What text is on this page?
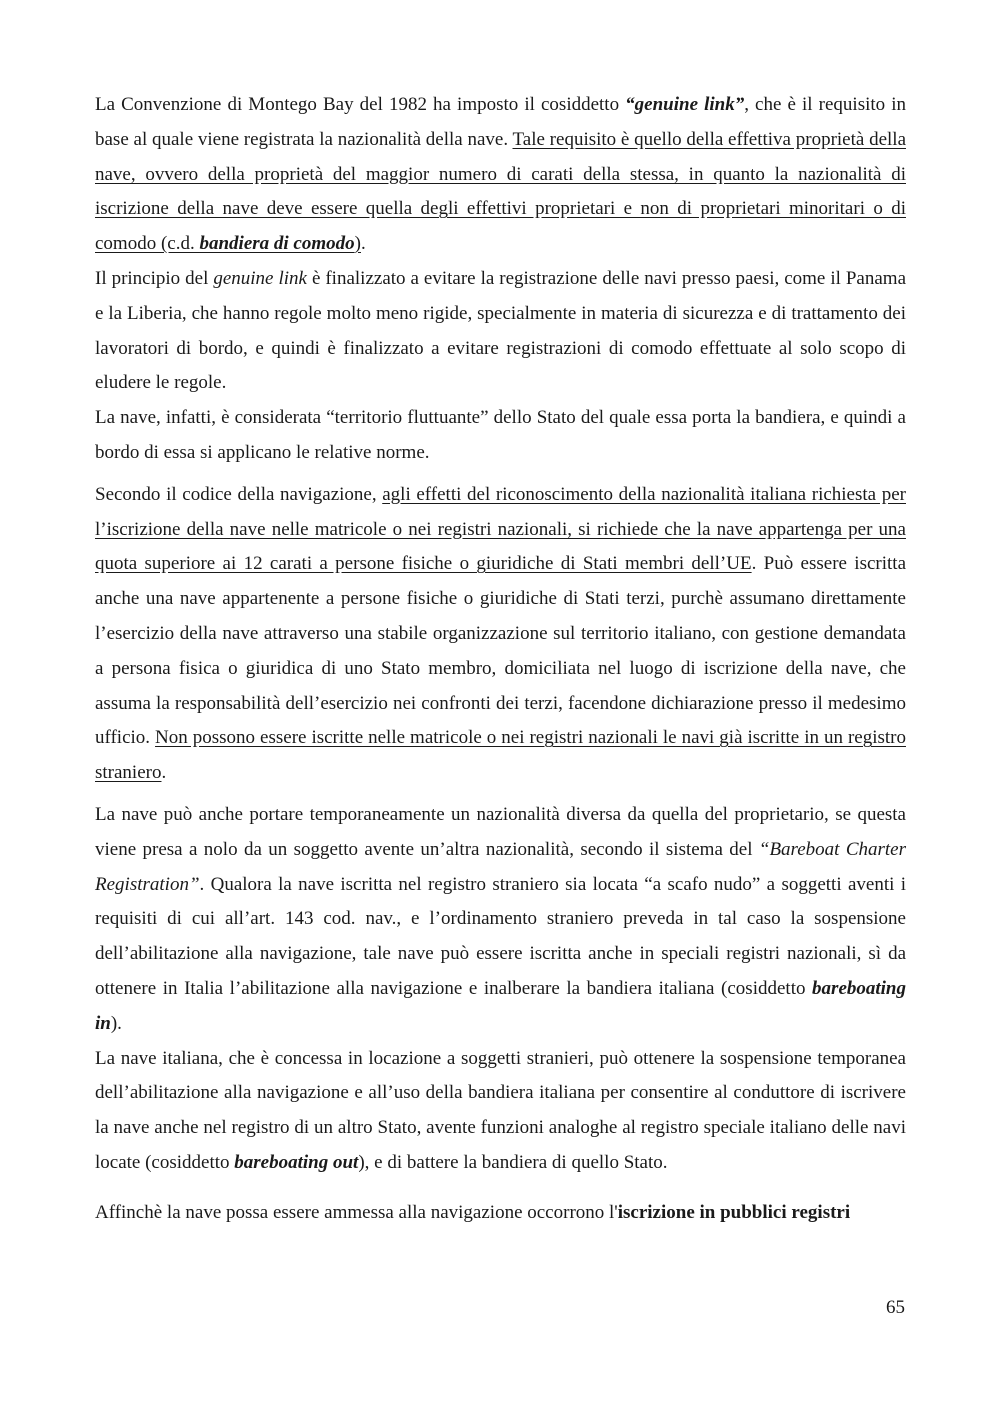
La Convenzione di Montego Bay del 1982 ha imposto il cosiddetto “genuine link”, che è il requisito in base al quale viene registrata la nazionalità della nave. Tale requisito è quello della effettiva proprietà della nave, ovvero della proprietà del maggior numero di carati della stessa, in quanto la nazionalità di iscrizione della nave deve essere quella degli effettivi proprietari e non di proprietari minoritari o di comodo (c.d. bandiera di comodo).

Il principio del genuine link è finalizzato a evitare la registrazione delle navi presso paesi, come il Panama e la Liberia, che hanno regole molto meno rigide, specialmente in materia di sicurezza e di trattamento dei lavoratori di bordo, e quindi è finalizzato a evitare registrazioni di comodo effettuate al solo scopo di eludere le regole.

La nave, infatti, è considerata “territorio fluttuante” dello Stato del quale essa porta la bandiera, e quindi a bordo di essa si applicano le relative norme.

Secondo il codice della navigazione, agli effetti del riconoscimento della nazionalità italiana richiesta per l’iscrizione della nave nelle matricole o nei registri nazionali, si richiede che la nave appartenga per una quota superiore ai 12 carati a persone fisiche o giuridiche di Stati membri dell’UE. Può essere iscritta anche una nave appartenente a persone fisiche o giuridiche di Stati terzi, purchè assumano direttamente l’esercizio della nave attraverso una stabile organizzazione sul territorio italiano, con gestione demandata a persona fisica o giuridica di uno Stato membro, domiciliata nel luogo di iscrizione della nave, che assuma la responsabilità dell’esercizio nei confronti dei terzi, facendone dichiarazione presso il medesimo ufficio. Non possono essere iscritte nelle matricole o nei registri nazionali le navi già iscritte in un registro straniero.

La nave può anche portare temporaneamente un nazionalità diversa da quella del proprietario, se questa viene presa a nolo da un soggetto avente un’altra nazionalità, secondo il sistema del “Bareboat Charter Registration”. Qualora la nave iscritta nel registro straniero sia locata “a scafo nudo” a soggetti aventi i requisiti di cui all’art. 143 cod. nav., e l’ordinamento straniero preveda in tal caso la sospensione dell’abilitazione alla navigazione, tale nave può essere iscritta anche in speciali registri nazionali, sì da ottenere in Italia l’abilitazione alla navigazione e inalberare la bandiera italiana (cosiddetto bareboating in).

La nave italiana, che è concessa in locazione a soggetti stranieri, può ottenere la sospensione temporanea dell’abilitazione alla navigazione e all’uso della bandiera italiana per consentire al conduttore di iscrivere la nave anche nel registro di un altro Stato, avente funzioni analoghe al registro speciale italiano delle navi locate (cosiddetto bareboating out), e di battere la bandiera di quello Stato.

Affinchè la nave possa essere ammessa alla navigazione occorrono l'iscrizione in pubblici registri

65
